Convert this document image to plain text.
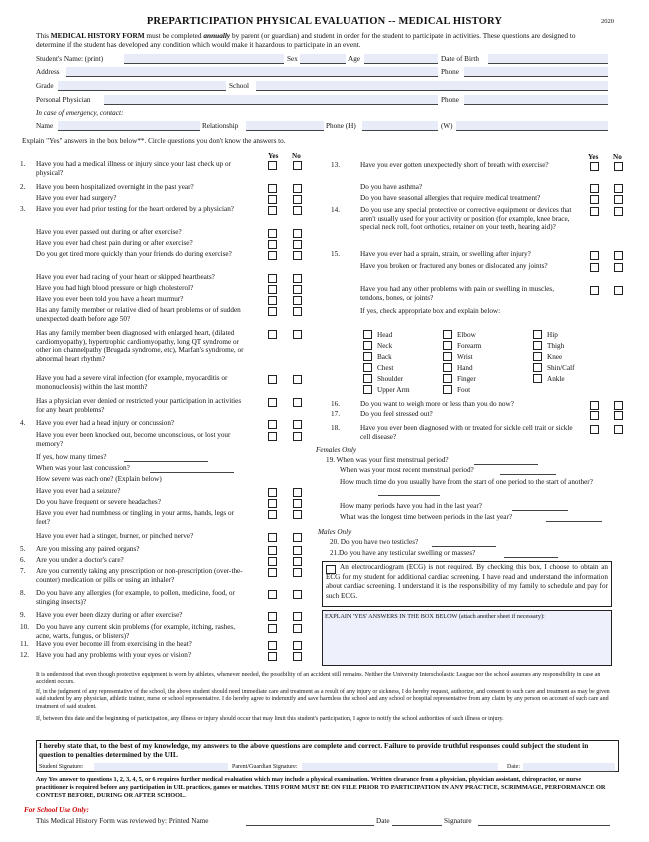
PREPARTICIPATION PHYSICAL EVALUATION -- MEDICAL HISTORY	2020
This MEDICAL HISTORY FORM must be completed annually by parent (or guardian) and student in order for the student to participate in activities. These questions are designed to determine if the student has developed any condition which would make it hazardous to participate in an event.
Student's Name: (print)	Sex	Age	Date of Birth
Address	Phone
Grade	School
Personal Physician	Phone
In case of emergency, contact:
Name	Relationship	Phone (H)	(W)
Explain "Yes" answers in the box below**. Circle questions you don't know the answers to.
Yes No	Yes No
1. Have you had a medical illness or injury since your last check up or physical?
2. Have you been hospitalized overnight in the past year?
Have you ever had surgery?
3. Have you ever had prior testing for the heart ordered by a physician?
Have you ever passed out during or after exercise?
Have you ever had chest pain during or after exercise?
Do you get tired more quickly than your friends do during exercise?
Have you ever had racing of your heart or skipped heartbeats?
Have you had high blood pressure or high cholesterol?
Have you ever been told you have a heart murmur?
Has any family member or relative died of heart problems or of sudden unexpected death before age 50?
Has any family member been diagnosed with enlarged heart, (dilated cardiomyopathy), hypertrophic cardiomyopathy, long QT syndrome or other ion channelpathy (Brugada syndrome, etc), Marfan's syndrome, or abnormal heart rhythm?
Have you had a severe viral infection (for example, myocarditis or mononucleosis) within the last month?
Has a physician ever denied or restricted your participation in activities for any heart problems?
4. Have you ever had a head injury or concussion?
Have you ever been knocked out, become unconscious, or lost your memory?
If yes, how many times?
When was your last concussion?
How severe was each one? (Explain below)
Have you ever had a seizure?
Do you have frequent or severe headaches?
Have you ever had numbness or tingling in your arms, hands, legs or feet?
Have you ever had a stinger, burner, or pinched nerve?
5. Are you missing any paired organs?
6. Are you under a doctor's care?
7. Are you currently taking any prescription or non-prescription (over-the-counter) medication or pills or using an inhaler?
8. Do you have any allergies (for example, to pollen, medicine, food, or stinging insects)?
9. Have you ever been dizzy during or after exercise?
10. Do you have any current skin problems (for example, itching, rashes, acne, warts, fungus, or blisters)?
11. Have you ever become ill from exercising in the heat?
12. Have you had any problems with your eyes or vision?
13.	Have you ever gotten unexpectedly short of breath with exercise?
Do you have asthma?
Do you have seasonal allergies that require medical treatment?
14.	Do you use any special protective or corrective equipment or devices that aren't usually used for your activity or position (for example, knee brace, special neck roll, foot orthotics, retainer on your teeth, hearing aid)?
15.	Have you ever had a sprain, strain, or swelling after injury?
Have you broken or fractured any bones or dislocated any joints?
Have you had any other problems with pain or swelling in muscles, tendons, bones, or joints?
If yes, check appropriate box and explain below:
Head	Elbow	Hip
Neck	Forearm	Thigh
Back	Wrist	Knee
Chest	Hand	Shin/Calf
Shoulder	Finger	Ankle
Upper Arm	Foot
16.	Do you want to weigh more or less than you do now?
17.	Do you feel stressed out?
18.	Have you ever been diagnosed with or treated for sickle cell trait or sickle cell disease?
Females Only
19. When was your first menstrual period?
When was your most recent menstrual period?
How much time do you usually have from the start of one period to the start of another?
How many periods have you had in the last year?
What was the longest time between periods in the last year?
Males Only
20. Do you have two testicles?
21.Do you have any testicular swelling or masses?
An electrocardiogram (ECG) is not required. By checking this box, I choose to obtain an ECG for my student for additional cardiac screening. I have read and understand the information about cardiac screening. I understand it is the responsibility of my family to schedule and pay for such ECG.
EXPLAIN 'YES' ANSWERS IN THE BOX BELOW (attach another sheet if necessary):
It is understood that even though protective equipment is worn by athletes, whenever needed, the possibility of an accident still remains. Neither the University Interscholastic League nor the school assumes any responsibility in case an accident occurs.
If, in the judgment of any representative of the school, the above student should need immediate care and treatment as a result of any injury or sickness, I do hereby request, authorize, and consent to such care and treatment as may be given said student by any physician, athletic trainer, nurse or school representative. I do hereby agree to indemnify and save harmless the school and any school or hospital representative from any claim by any person on account of such care and treatment of said student.
If, between this date and the beginning of participation, any illness or injury should occur that may limit this student's participation, I agree to notify the school authorities of such illness or injury.
I hereby state that, to the best of my knowledge, my answers to the above questions are complete and correct. Failure to provide truthful responses could subject the student in question to penalties determined by the UIL
Student Signature:	Parent/Guardian Signature:	Date:
Any Yes answer to questions 1, 2, 3, 4, 5, or 6 requires further medical evaluation which may include a physical examination. Written clearance from a physician, physician assistant, chiropractor, or nurse practitioner is required before any participation in UIL practices, games or matches. THIS FORM MUST BE ON FILE PRIOR TO PARTICIPATION IN ANY PRACTICE, SCRIMMAGE, PERFORMANCE OR CONTEST BEFORE, DURING OR AFTER SCHOOL.
For School Use Only:
This Medical History Form was reviewed by: Printed Name	Date	Signature
